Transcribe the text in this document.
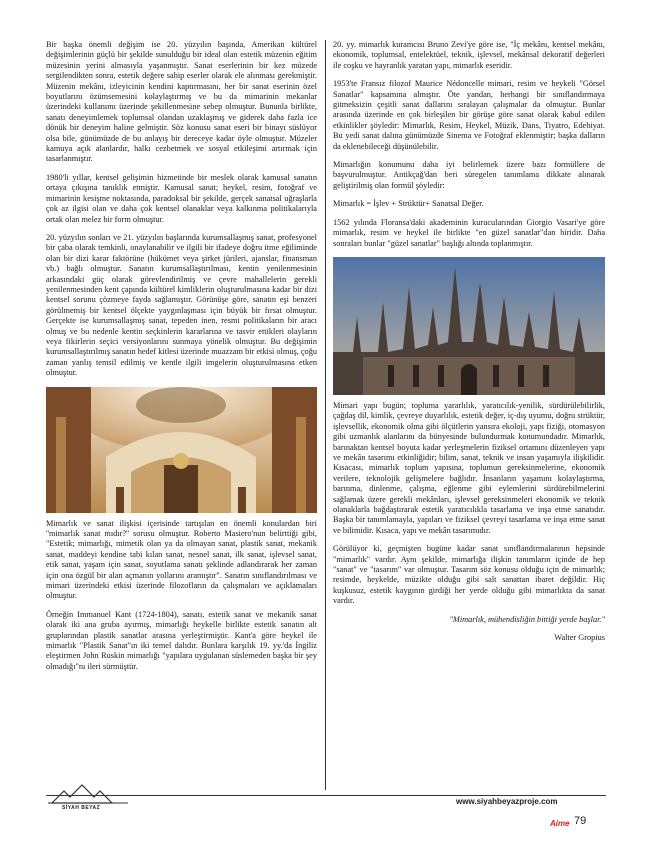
Bir başka önemli değişim ise 20. yüzyılın başında, Amerikan kültürel değişimlerinin güçlü bir şekilde sunulduğu bir ideal olan estetik müzenin eğitim müzesinin yerini almasıyla yaşanmıştır. Sanat eserlerinin bir kez müzede sergilendikten sonra, estetik değere sahip eserler olarak ele alınması gerekmiştir. Müzenin mekânı, izleyicinin kendini kaptırmasını, her bir sanat eserinin özel boyutlarını özümsemesini kolaylaştırmış ve bu da mimarinin mekanlar üzerindeki kullanımı üzerinde şekillenmesine sebep olmuştur. Bununla birlikte, sanatı deneyimlemek toplumsal olandan uzaklaşmış ve giderek daha fazla ice dönük bir deneyim haline gelmiştir. Söz konusu sanat eseri bir binayı süslüyor olsa bile, günümüzde de bu anlayış bir dereceye kadar öyle olmuştur. Müzeler kamuya açık alanlardır, halkı cezbetmek ve sosyal etkileşimi artırmak için tasarlanmıştır.

1980'li yıllar, kentsel gelişimin hizmetinde bir meslek olarak kamusal sanatın ortaya çıkışına tanıklık etmiştir. Kamusal sanat; heykel, resim, fotoğraf ve mimarinin kesişme noktasında, paradoksal bir şekilde, gerçek sanatsal uğraşlarla çok az ilgisi olan ve daha çok kentsel olanaklar veya kalkınma politikalarıyla ortak olan melez bir form olmuştur.

20. yüzyılın sonları ve 21. yüzyılın başlarında kurumsallaşmış sanat, profesyonel bir çaba olarak temkinli, onaylanabilir ve ilgili bir ifadeye doğru itme eğiliminde olan bir dizi karar faktörüne (hükümet veya şirket jürileri, ajanslar, finansman vb.) bağlı olmuştur. Sanatın kurumsallaştırılması, kentin yenilenmesinin arkasındaki güç olarak görevlendirilmiş ve çevre mahallelerin gerekli yenilenmesinden kent çapında kültürel kimliklerin oluşturulmasına kadar bir dizi kentsel sorunu çözmeye fayda sağlamıştır. Görünüşe göre, sanatın eşi benzeri görülmemiş bir kentsel ölçekte yaygınlaşması için büyük bir fırsat olmuştur. Gerçekte ise kurumsallaşmış sanat, tepeden inen, resmi politikaların bir aracı olmuş ve bu nedenle kentin seçkinlerin kararlarına ve tasvir ettikleri olayların veya fikirlerin seçici versiyonlarını sunmaya yönelik olmuştur. Bu değişimin kurumsallaştırılmış sanatın hedef kitlesi üzerinde muazzam bir etkisi olmuş, çoğu zaman yanlış temsil edilmiş ve kentle ilgili imgelerin oluşturulmasına etken olmuştur.

Mimarlık ve sanat ilişkisi içerisinde tartışılan en önemli konulardan biri ''mimarlık sanat mıdır?'' sorusu olmuştur. Roberto Masiero'nun belirttiği gibi, "Estetik; mimarlığı, mimetik olan ya da olmayan sanat, plastik sanat, mekanik sanat, maddeyi kendine tabi kılan sanat, nesnel sanat, ilk sanat, işlevsel sanat, etik sanat, yaşam için sanat, soyutlama sanatı şeklinde adlandırarak her zaman için ona özgül bir alan açmanın yollarını aramıştır". Sanatın sınıflandırılması ve mimari üzerindeki etkisi üzerinde filozofların da çalışmaları ve açıklamaları olmuştur.

Örneğin Immanuel Kant (1724-1804), sanatı, estetik sanat ve mekanik sanat olarak iki ana gruba ayırmış, mimarlığı heykelle birlikte estetik sanatın alt gruplarından plastik sanatlar arasına yerleştirmiştir. Kant'a göre heykel ile mimarlık "Plastik Sanat"ın iki temel dalıdır. Bunlara karşılık 19. yy.'da İngiliz eleştirmen John Ruskin mimarlığı "yapılara uygulanan süslemeden başka bir şey olmadığı"nı ileri sürmüştür.

20. yy. mimarlık kuramcısı Bruno Zevi'ye göre ise, "İç mekânı, kentsel mekânı, ekonomik, toplumsal, entelektüel, teknik, işlevsel, mekânsal dekoratif değerleri ile coşku ve hayranlık yaratan yapı, mimarlık eseridir.

1953'te Fransız filozof Maurice Nédoncelle mimari, resim ve heykeli "Görsel Sanatlar" kapsamına almıştır. Öte yandan, herhangi bir sınıflandırmaya gitmeksizin çeşitli sanat dallarını sıralayan çalışmalar da olmuştur. Bunlar arasında üzerinde en çok birleşilen bir görüşe göre sanat olarak kabul edilen etkinlikler şöyledir: Mimarlık, Resim, Heykel, Müzik, Dans, Tiyatro, Edebiyat. Bu yedi sanat dalına günümüzde Sinema ve Fotoğraf eklenmiştir; başka dalların da eklenebileceği düşünülebilir.

Mimarlığın konumunu daha iyi belirlemek üzere bazı formüllere de başvurulmuştur. Antikçağ'dan beri süregelen tanımlama dikkate alınarak geliştirilmiş olan formül şöyledir:

Mimarlık = İşlev + Strüktür+ Sanatsal Değer.

1562 yılında Floransa'daki akademinin kurucularından Giorgio Vasari'ye göre mimarlık, resim ve heykel ile birlikte "en güzel sanatlar"dan biridir. Daha sonraları bunlar "güzel sanatlar" başlığı altında toplanmıştır.

Mimari yapı bugün; topluma yararlılık, yaratıcılık-yenilik, sürdürülebilirlik, çağdaş dil, kimlik, çevreye duyarlılık, estetik değer, iç-dış uyumu, doğru strüktür, işlevsellik, ekonomik olma gibi ölçütlerin yansıra ekoloji, yapı fiziği, otomasyon gibi uzmanlık alanlarını da bünyesinde bulundurmak konumundadır. Mimarlık, barınaktan kentsel boyuta kadar yerleşmelerin fiziksel ortamını düzenleyen yapı ve mekân tasarımı etkinliğidir; bilim, sanat, teknik ve insan yaşamıyla ilişkilidir. Kısacası, mimarlık toplum yapısına, toplumun gereksinmelerine, ekonomik verilere, teknolojik gelişmelere bağlıdır. İnsanların yaşamını kolaylaştırma, barınma, dinlenme, çalışma, eğlenme gibi eylemlerini sürdürebilmelerini sağlamak üzere gerekli mekânları, işlevsel gereksinmeleri ekonomik ve teknik olanaklarla bağdaştırarak estetik yaratıcılıkla tasarlama ve inşa etme sanatıdır. Başka bir tanımlamayla, yapıları ve fiziksel çevreyi tasarlama ve inşa etme sanat ve bilimidir. Kısaca, yapı ve mekân tasarımıdır.

Görülüyor ki, geçmişten bugüne kadar sanat sınıflandırmalarının hepsinde "mimarlık" vardır. Aynı şekilde, mimarlığa ilişkin tanımların içinde de hep "sanat" ve "tasarım" var olmuştur. Tasarım söz konusu olduğu için de mimarlık; resimde, heykelde, müzikte olduğu gibi salt sanattan ibaret değildir. Hiç kuşkusuz, estetik kaygının girdiği her yerde olduğu gibi mimarlıkta da sanat vardır.

"Mimarlık, mühendisliğin bittiği yerde başlar."

Walter Gropius

SİYAH BEYAZ
www.siyahbeyazproje.com
Aime 79
